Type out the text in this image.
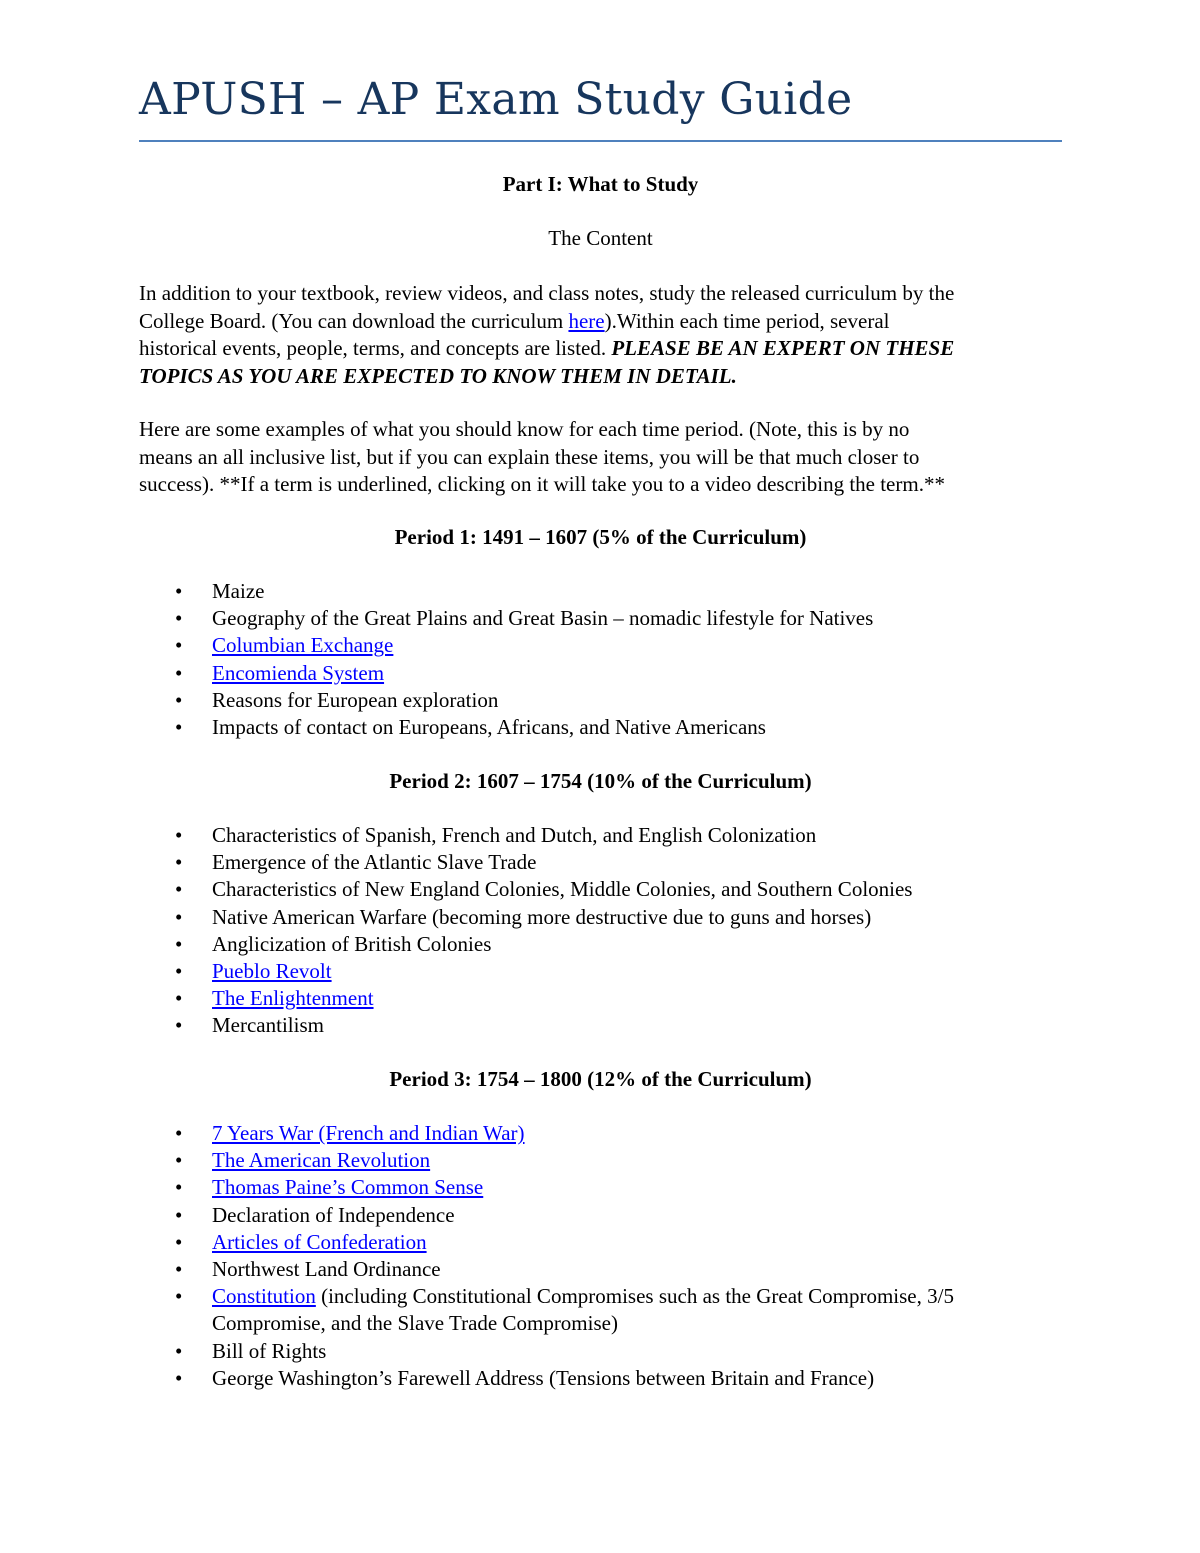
APUSH – AP Exam Study Guide
Part I: What to Study
The Content
In addition to your textbook, review videos, and class notes, study the released curriculum by the
College Board. (You can download the curriculum here).Within each time period, several
historical events, people, terms, and concepts are listed. PLEASE BE AN EXPERT ON THESE
TOPICS AS YOU ARE EXPECTED TO KNOW THEM IN DETAIL.
Here are some examples of what you should know for each time period. (Note, this is by no
means an all inclusive list, but if you can explain these items, you will be that much closer to
success). **If a term is underlined, clicking on it will take you to a video describing the term.**
Period 1: 1491 – 1607 (5% of the Curriculum)
• Maize
• Geography of the Great Plains and Great Basin – nomadic lifestyle for Natives
• Columbian Exchange
• Encomienda System
• Reasons for European exploration
• Impacts of contact on Europeans, Africans, and Native Americans
Period 2: 1607 – 1754 (10% of the Curriculum)
• Characteristics of Spanish, French and Dutch, and English Colonization
• Emergence of the Atlantic Slave Trade
• Characteristics of New England Colonies, Middle Colonies, and Southern Colonies
• Native American Warfare (becoming more destructive due to guns and horses)
• Anglicization of British Colonies
• Pueblo Revolt
• The Enlightenment
• Mercantilism
Period 3: 1754 – 1800 (12% of the Curriculum)
• 7 Years War (French and Indian War)
• The American Revolution
• Thomas Paine’s Common Sense
• Declaration of Independence
• Articles of Confederation
• Northwest Land Ordinance
• Constitution (including Constitutional Compromises such as the Great Compromise, 3/5
Compromise, and the Slave Trade Compromise)
• Bill of Rights
• George Washington’s Farewell Address (Tensions between Britain and France)
